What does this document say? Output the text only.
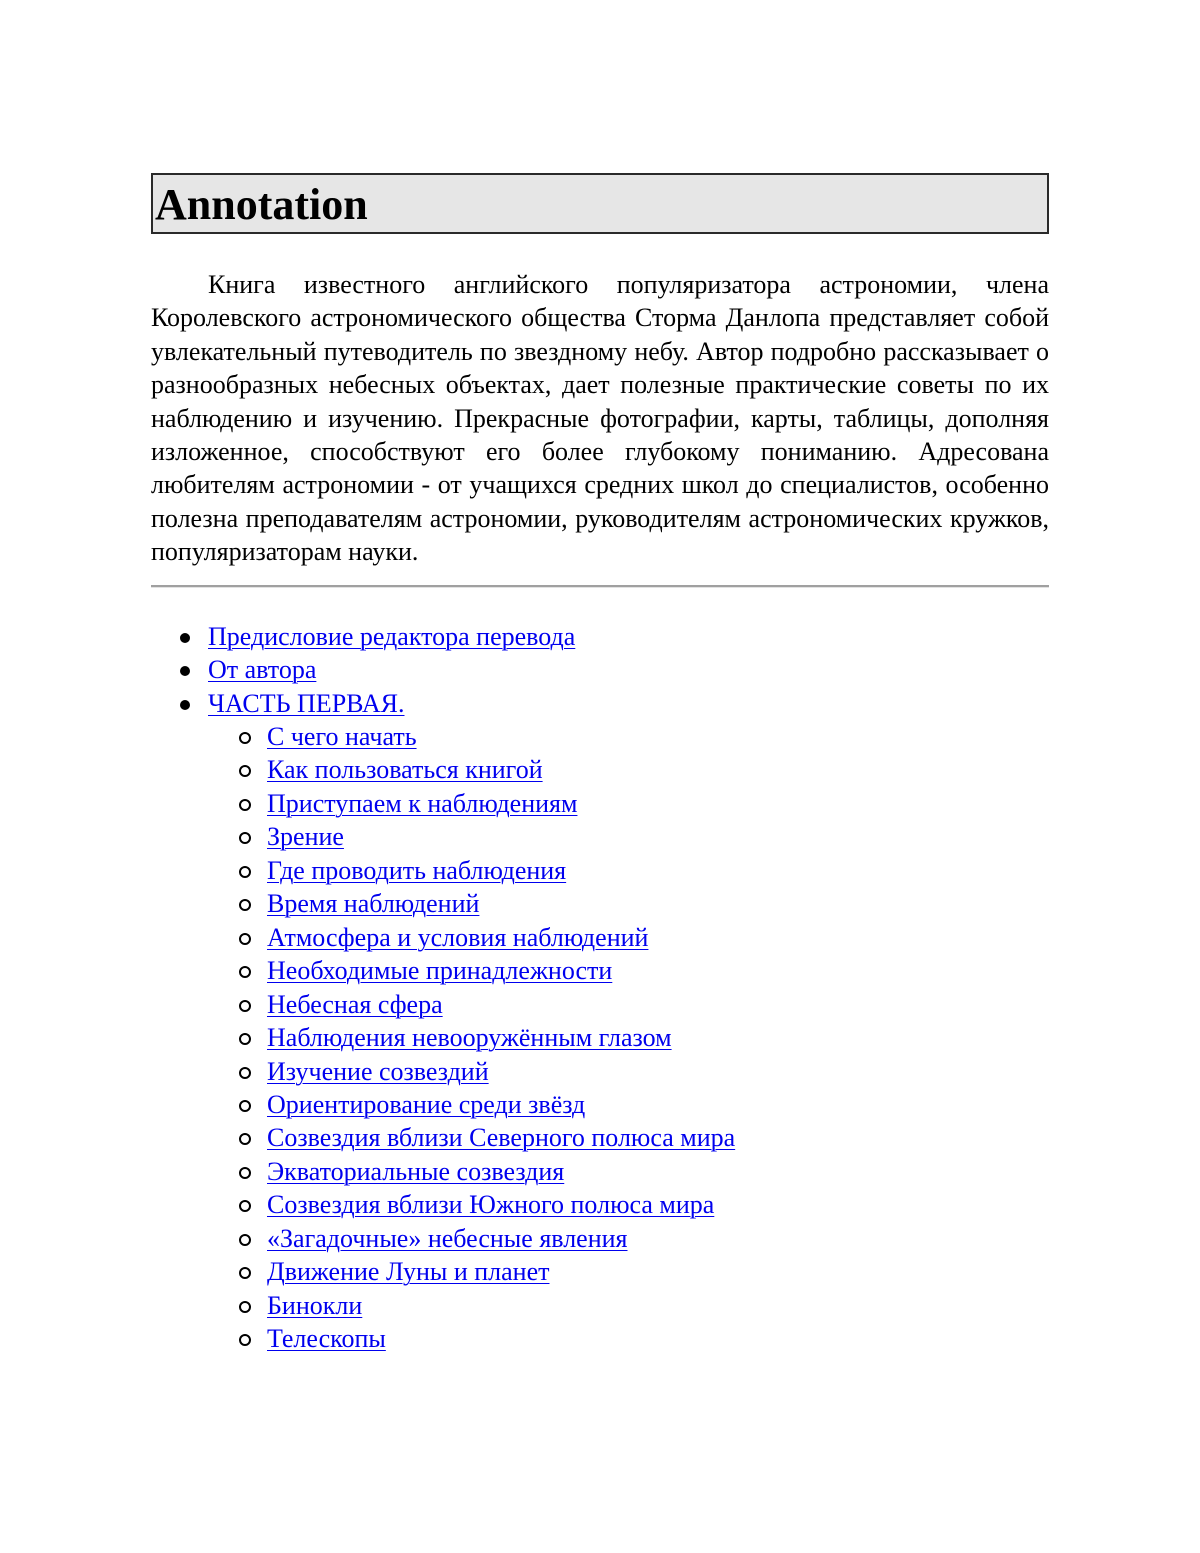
Annotation

Книга известного английского популяризатора астрономии, члена Королевского астрономического общества Сторма Данлопа представляет собой увлекательный путеводитель по звездному небу. Автор подробно рассказывает о разнообразных небесных объектах, дает полезные практические советы по их наблюдению и изучению. Прекрасные фотографии, карты, таблицы, дополняя изложенное, способствуют его более глубокому пониманию. Адресована любителям астрономии - от учащихся средних школ до специалистов, особенно полезна преподавателям астрономии, руководителям астрономических кружков, популяризаторам науки.

Предисловие редактора перевода
От автора
ЧАСТЬ ПЕРВАЯ.
С чего начать
Как пользоваться книгой
Приступаем к наблюдениям
Зрение
Где проводить наблюдения
Время наблюдений
Атмосфера и условия наблюдений
Необходимые принадлежности
Небесная сфера
Наблюдения невооружённым глазом
Изучение созвездий
Ориентирование среди звёзд
Созвездия вблизи Северного полюса мира
Экваториальные созвездия
Созвездия вблизи Южного полюса мира
«Загадочные» небесные явления
Движение Луны и планет
Бинокли
Телескопы
